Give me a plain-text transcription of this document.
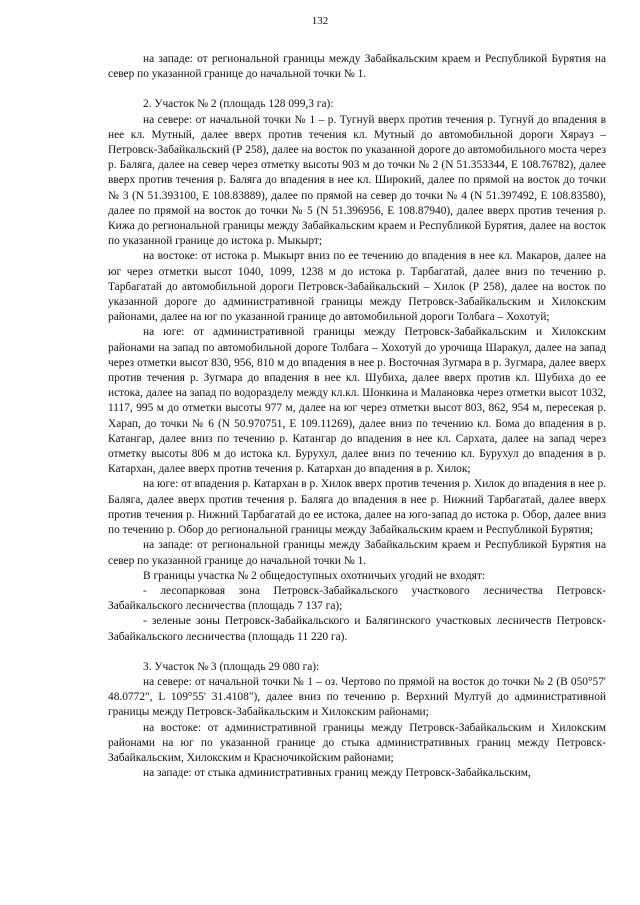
132
на западе: от региональной границы между Забайкальским краем и Республикой Бурятия на север по указанной границе до начальной точки № 1.
2. Участок № 2 (площадь 128 099,3 га):
на севере: от начальной точки № 1 – р. Тугнуй вверх против течения р. Тугнуй до впадения в нее кл. Мутный, далее вверх против течения кл. Мутный до автомобильной дороги Хярауз – Петровск-Забайкальский (Р 258), далее на восток по указанной дороге до автомобильного моста через р. Баляга, далее на север через отметку высоты 903 м до точки № 2 (N 51.353344, E 108.76782), далее вверх против течения р. Баляга до впадения в нее кл. Широкий, далее по прямой на восток до точки № 3 (N 51.393100, E 108.83889), далее по прямой на север до точки № 4 (N 51.397492, E 108.83580), далее по прямой на восток до точки № 5 (N 51.396956, E 108.87940), далее вверх против течения р. Кижа до региональной границы между Забайкальским краем и Республикой Бурятия, далее на восток по указанной границе до истока р. Мыкырт;
на востоке: от истока р. Мыкырт вниз по ее течению до впадения в нее кл. Макаров, далее на юг через отметки высот 1040, 1099, 1238 м до истока р. Тарбагатай, далее вниз по течению р. Тарбагатай до автомобильной дороги Петровск-Забайкальский – Хилок (Р 258), далее на восток по указанной дороге до административной границы между Петровск-Забайкальским и Хилокским районами, далее на юг по указанной границе до автомобильной дороги Толбага – Хохотуй;
на юге: от административной границы между Петровск-Забайкальским и Хилокским районами на запад по автомобильной дороге Толбага – Хохотуй до урочища Шаракул, далее на запад через отметки высот 830, 956, 810 м до впадения в нее р. Восточная Зугмара в р. Зугмара, далее вверх против течения р. Зугмара до впадения в нее кл. Шубиха, далее вверх против кл. Шубиха до ее истока, далее на запад по водоразделу между кл.кл. Шонкина и Малановка через отметки высот 1032, 1117, 995 м до отметки высоты 977 м, далее на юг через отметки высот 803, 862, 954 м, пересекая р. Харап, до точки № 6 (N 50.970751, E 109.11269), далее вниз по течению кл. Бома до впадения в р. Катангар, далее вниз по течению р. Катангар до впадения в нее кл. Сархата, далее на запад через отметку высоты 806 м до истока кл. Бурухул, далее вниз по течению кл. Бурухул до впадения в р. Катархан, далее вверх против течения р. Катархан до впадения в р. Хилок;
на юге: от впадения р. Катархан в р. Хилок вверх против течения р. Хилок до впадения в нее р. Баляга, далее вверх против течения р. Баляга до впадения в нее р. Нижний Тарбагатай, далее вверх против течения р. Нижний Тарбагатай до ее истока, далее на юго-запад до истока р. Обор, далее вниз по течению р. Обор до региональной границы между Забайкальским краем и Республикой Бурятия;
на западе: от региональной границы между Забайкальским краем и Республикой Бурятия на север по указанной границе до начальной точки № 1.
В границы участка № 2 общедоступных охотничьих угодий не входят:
- лесопарковая зона Петровск-Забайкальского участкового лесничества Петровск-Забайкальского лесничества (площадь 7 137 га);
- зеленые зоны Петровск-Забайкальского и Балягинского участковых лесничеств Петровск-Забайкальского лесничества (площадь 11 220 га).
3. Участок № 3 (площадь 29 080 га):
на севере: от начальной точки № 1 – оз. Чертово по прямой на восток до точки № 2 (В 050°57' 48.0772", L 109°55' 31.4108"), далее вниз по течению р. Верхний Мултуй до административной границы между Петровск-Забайкальским и Хилокским районами;
на востоке: от административной границы между Петровск-Забайкальским и Хилокским районами на юг по указанной границе до стыка административных границ между Петровск-Забайкальским, Хилокским и Красночикойским районами;
на западе: от стыка административных границ между Петровск-Забайкальским,
